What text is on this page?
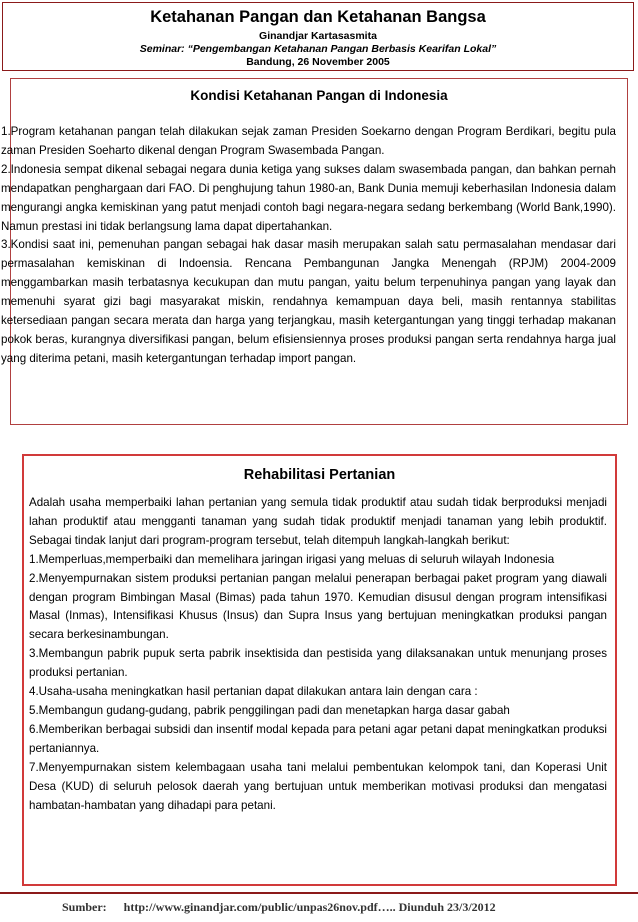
Ketahanan Pangan dan Ketahanan Bangsa
Ginandjar Kartasasmita
Seminar: “Pengembangan Ketahanan Pangan Berbasis Kearifan Lokal”
Bandung, 26 November 2005
Kondisi Ketahanan Pangan di Indonesia

1.Program ketahanan pangan telah dilakukan sejak zaman Presiden Soekarno dengan Program Berdikari, begitu pula zaman Presiden Soeharto dikenal dengan Program Swasembada Pangan.

2.Indonesia sempat dikenal sebagai negara dunia ketiga yang sukses dalam swasembada pangan, dan bahkan pernah mendapatkan penghargaan dari FAO. Di penghujung tahun 1980-an, Bank Dunia memuji keberhasilan Indonesia dalam mengurangi angka kemiskinan yang patut menjadi contoh bagi negara-negara sedang berkembang (World Bank,1990). Namun prestasi ini tidak berlangsung lama dapat dipertahankan.

3.Kondisi saat ini, pemenuhan pangan sebagai hak dasar masih merupakan salah satu permasalahan mendasar dari permasalahan kemiskinan di Indoensia. Rencana Pembangunan Jangka Menengah (RPJM) 2004-2009 menggambarkan masih terbatasnya kecukupan dan mutu pangan, yaitu belum terpenuhinya pangan yang layak dan memenuhi syarat gizi bagi masyarakat miskin, rendahnya kemampuan daya beli, masih rentannya stabilitas ketersediaan pangan secara merata dan harga yang terjangkau, masih ketergantungan yang tinggi terhadap makanan pokok beras, kurangnya diversifikasi pangan, belum efisiensiennya proses produksi pangan serta rendahnya harga jual yang diterima petani, masih ketergantungan terhadap import pangan.

Rehabilitasi Pertanian

Adalah usaha memperbaiki lahan pertanian yang semula tidak produktif atau sudah tidak berproduksi menjadi lahan produktif atau mengganti tanaman yang sudah tidak produktif menjadi tanaman yang lebih produktif. Sebagai tindak lanjut dari program-program tersebut, telah ditempuh langkah-langkah berikut:

1.Memperluas,memperbaiki dan memelihara jaringan irigasi yang meluas di seluruh wilayah Indonesia

2.Menyempurnakan sistem produksi pertanian pangan melalui penerapan berbagai paket program yang diawali dengan program Bimbingan Masal (Bimas) pada tahun 1970. Kemudian disusul dengan program intensifikasi Masal (Inmas), Intensifikasi Khusus (Insus) dan Supra Insus yang bertujuan meningkatkan produksi pangan secara berkesinambungan.

3.Membangun pabrik pupuk serta pabrik insektisida dan pestisida yang dilaksanakan untuk menunjang proses produksi pertanian.

4.Usaha-usaha meningkatkan hasil pertanian dapat dilakukan antara lain dengan cara :

5.Membangun gudang-gudang, pabrik penggilingan padi dan menetapkan harga dasar gabah

6.Memberikan berbagai subsidi dan insentif modal kepada para petani agar petani dapat meningkatkan produksi pertaniannya.

7.Menyempurnakan sistem kelembagaan usaha tani melalui pembentukan kelompok tani, dan Koperasi Unit Desa (KUD) di seluruh pelosok daerah yang bertujuan untuk memberikan motivasi produksi dan mengatasi hambatan-hambatan yang dihadapi para petani.

Sumber: http://www.ginandjar.com/public/unpas26nov.pdf….. Diunduh 23/3/2012
